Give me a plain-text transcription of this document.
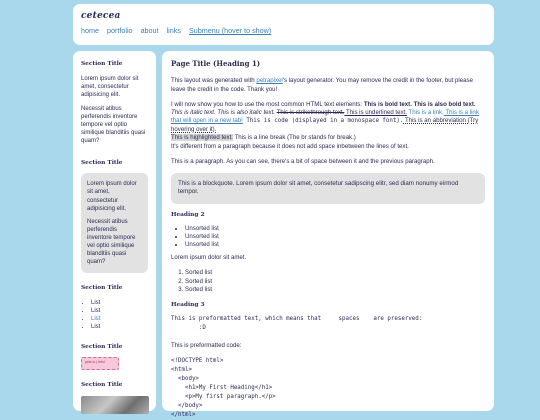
cetecea
home portfolio about links Submenu (hover to show)
Section Title

Lorem ipsum dolor sit amet, consectetur adipisicing elit.

Necessit atibus perferendis inventore tempore vel optio similique blanditiis quasi quam?

Section Title

Lorem ipsum dolor sit amet, consectetur adipisicing elit.

Necessit atibus perferendis inventore tempore vel optio similique blanditiis quasi quam?

Section Title
• List
• List
• List
• List
Section Title
petz.io | tetul
Section Title
Page Title (Heading 1)

This layout was generated with petrapixel's layout generator. You may remove the credit in the footer, but please leave the credit in the code. Thank you!

I will now show you how to use the most common HTML text elements: This is bold text. This is also bold text. This is italic text. This is also italic text. This is strikethrough text. This is underlined text. This is a link. This is a link that will open in a new tab! This is code (displayed in a monospace font). This is an abbreviation (Try hovering over it).
This is highlighted text. This is a line break (The br stands for break.)
It's different from a paragraph because it does not add space inbetween the lines of text.

This is a paragraph. As you can see, there's a bit of space between it and the previous paragraph.

This is a blockquote. Lorem ipsum dolor sit amet, consetetur sadipscing elitr, sed diam nonumy eirmod tempor.
Heading 2
• Unsorted list
• Unsorted list
• Unsorted list

Lorem ipsum dolor sit amet.

1. Sorted list
2. Sorted list
3. Sorted list
Heading 3
This is preformatted text, which means that     spaces    are preserved:
:D

This is preformatted code:

<!DOCTYPE html>
<html>
<body>
<h1>My First Heading</h1>
<p>My first paragraph.</p>
</body>
</html>
